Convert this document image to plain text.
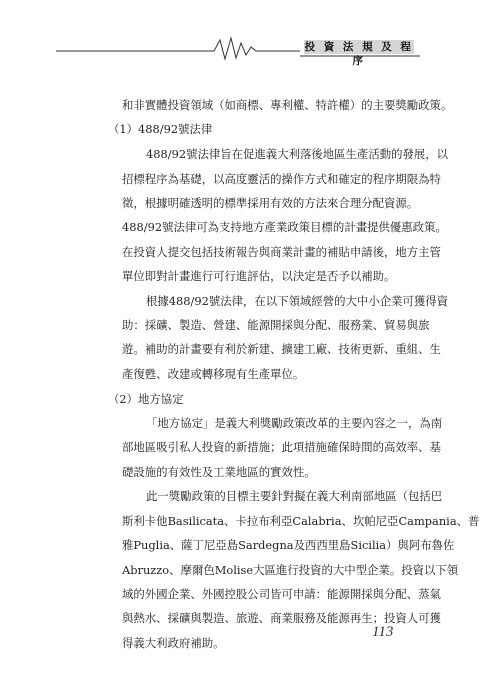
投 資 法 規 及 程 序
和非實體投資領域（如商標、專利權、特許權）的主要獎勵政策。
（1）488/92號法律
488/92號法律旨在促進義大利落後地區生產活動的發展，以
招標程序為基礎，以高度靈活的操作方式和確定的程序期限為特
徵，根據明確透明的標準採用有效的方法來合理分配資源。
488/92號法律可為支持地方產業政策目標的計畫提供優惠政策。
在投資人提交包括技術報告與商業計畫的補貼申請後，地方主管
單位即對計畫進行可行進評估，以決定是否予以補助。
根據488/92號法律，在以下領域經營的大中小企業可獲得資
助：採礦、製造、營建、能源開採與分配、服務業、貿易與旅
遊。補助的計畫要有利於新建、擴建工廠、技術更新、重組、生
產復甦、改建或轉移現有生產單位。
（2）地方協定
「地方協定」是義大利獎勵政策改革的主要內容之一，為南
部地區吸引私人投資的新措施；此項措施確保時間的高效率、基
礎設施的有效性及工業地區的實效性。
此一獎勵政策的目標主要針對擬在義大利南部地區（包括巴
斯利卡他Basilicata、卡拉布利亞Calabria、坎帕尼亞Campania、普
雅Puglia、薩丁尼亞島Sardegna及西西里島Sicilia）與阿布魯佐
Abruzzo、摩爾色Molise大區進行投資的大中型企業。投資以下領
域的外國企業、外國控股公司皆可申請：能源開採與分配、蒸氣
與熱水、採礦與製造、旅遊、商業服務及能源再生；投資人可獲
得義大利政府補助。
113
